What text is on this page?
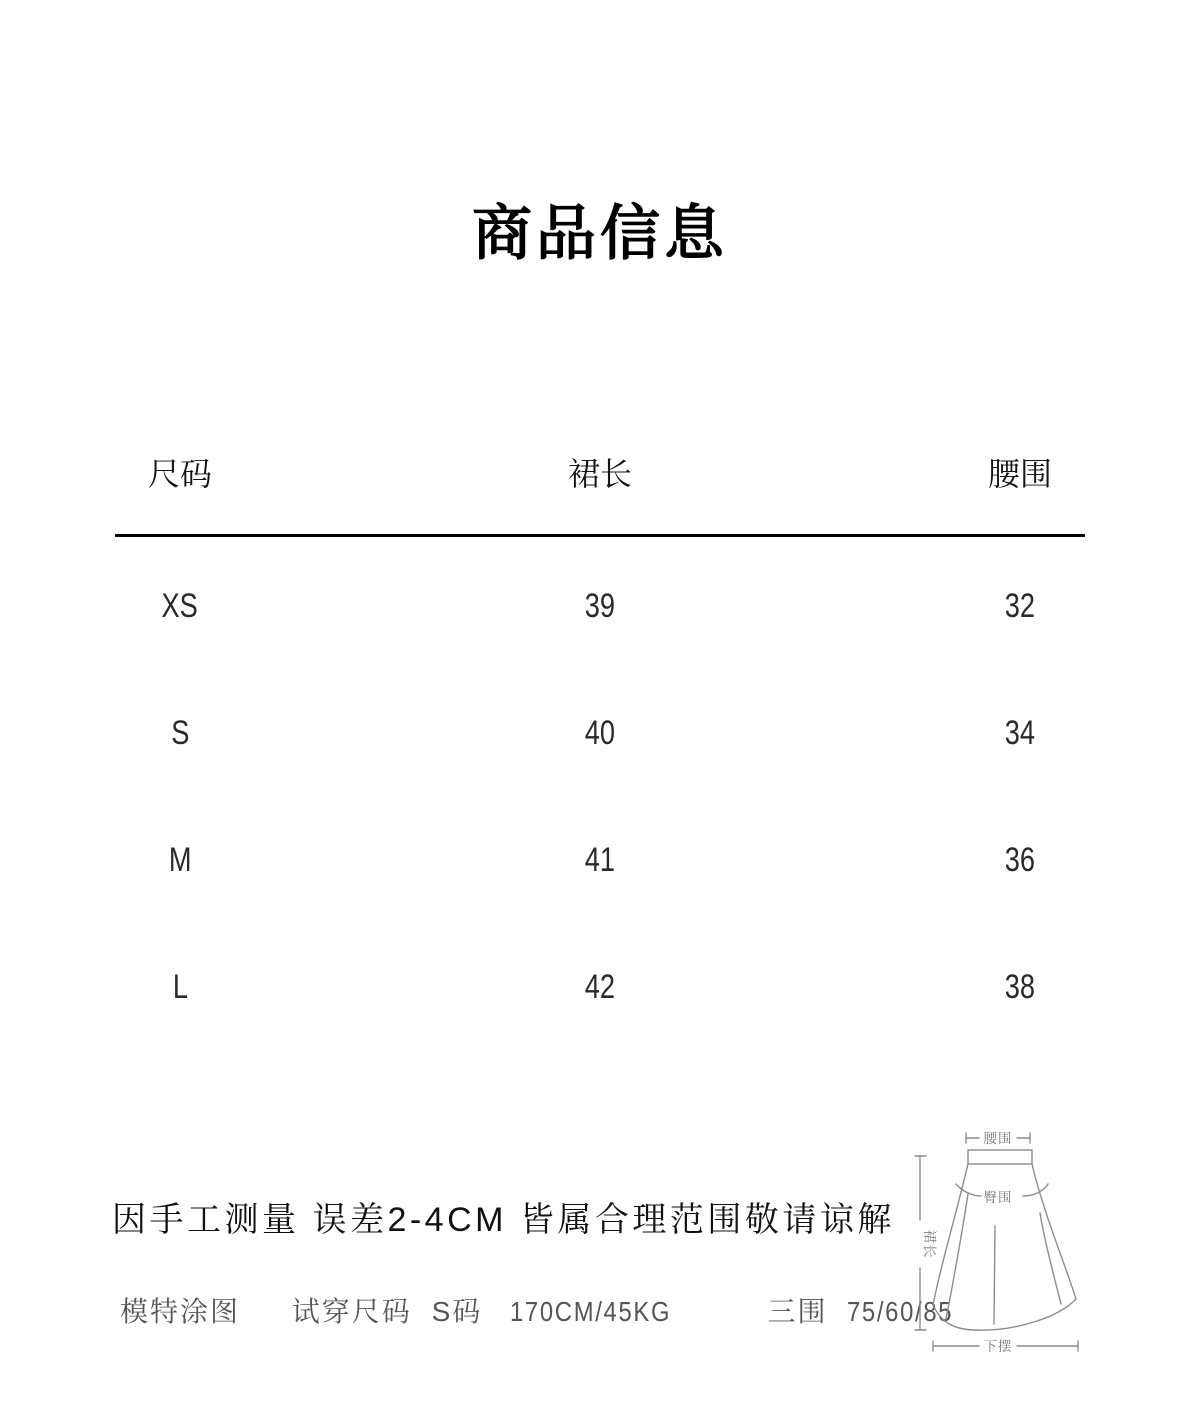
商品信息
尺码	裙长	腰围
XS	39	32
S	40	34
M	41	36
L	42	38
因手工测量 误差2-4CM 皆属合理范围敬请谅解
模特涂图 试穿尺码 S码 170CM/45KG	三围 75/60/85
腰围
臀围
裙长
下摆
